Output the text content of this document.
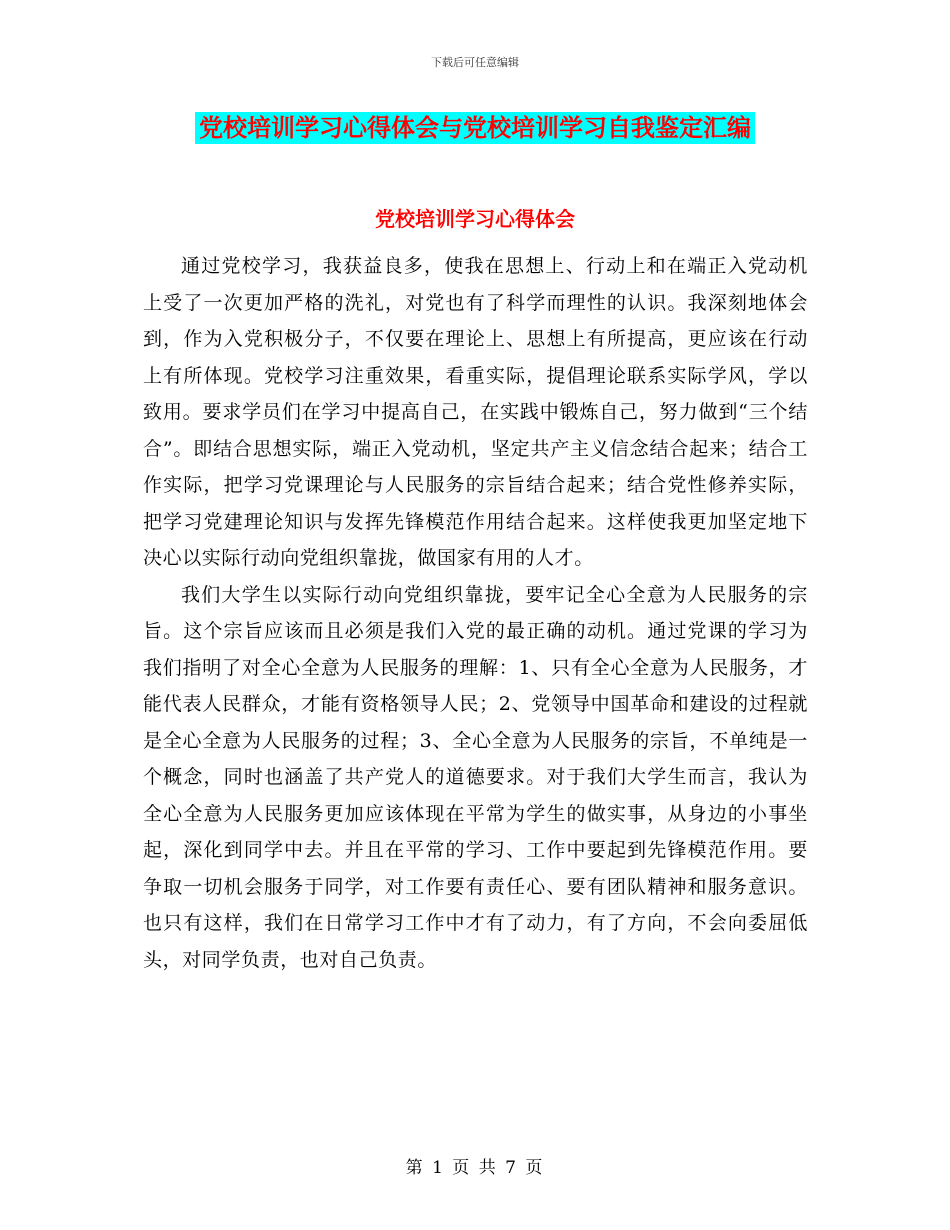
下载后可任意编辑
党校培训学习心得体会与党校培训学习自我鉴定汇编
党校培训学习心得体会

通过党校学习，我获益良多，使我在思想上、行动上和在端正入党动机上受了一次更加严格的洗礼，对党也有了科学而理性的认识。我深刻地体会到，作为入党积极分子，不仅要在理论上、思想上有所提高，更应该在行动上有所体现。党校学习注重效果，看重实际，提倡理论联系实际学风，学以致用。要求学员们在学习中提高自己，在实践中锻炼自己，努力做到“三个结合”。即结合思想实际，端正入党动机，坚定共产主义信念结合起来；结合工作实际，把学习党课理论与人民服务的宗旨结合起来；结合党性修养实际，把学习党建理论知识与发挥先锋模范作用结合起来。这样使我更加坚定地下决心以实际行动向党组织靠拢，做国家有用的人才。

我们大学生以实际行动向党组织靠拢，要牢记全心全意为人民服务的宗旨。这个宗旨应该而且必须是我们入党的最正确的动机。通过党课的学习为我们指明了对全心全意为人民服务的理解：1、只有全心全意为人民服务，才能代表人民群众，才能有资格领导人民；2、党领导中国革命和建设的过程就是全心全意为人民服务的过程；3、全心全意为人民服务的宗旨，不单纯是一个概念，同时也涵盖了共产党人的道德要求。对于我们大学生而言，我认为全心全意为人民服务更加应该体现在平常为学生的做实事，从身边的小事坐起，深化到同学中去。并且在平常的学习、工作中要起到先锋模范作用。要争取一切机会服务于同学，对工作要有责任心、要有团队精神和服务意识。也只有这样，我们在日常学习工作中才有了动力，有了方向，不会向委屈低头，对同学负责，也对自己负责。

第 1 页 共 7 页
